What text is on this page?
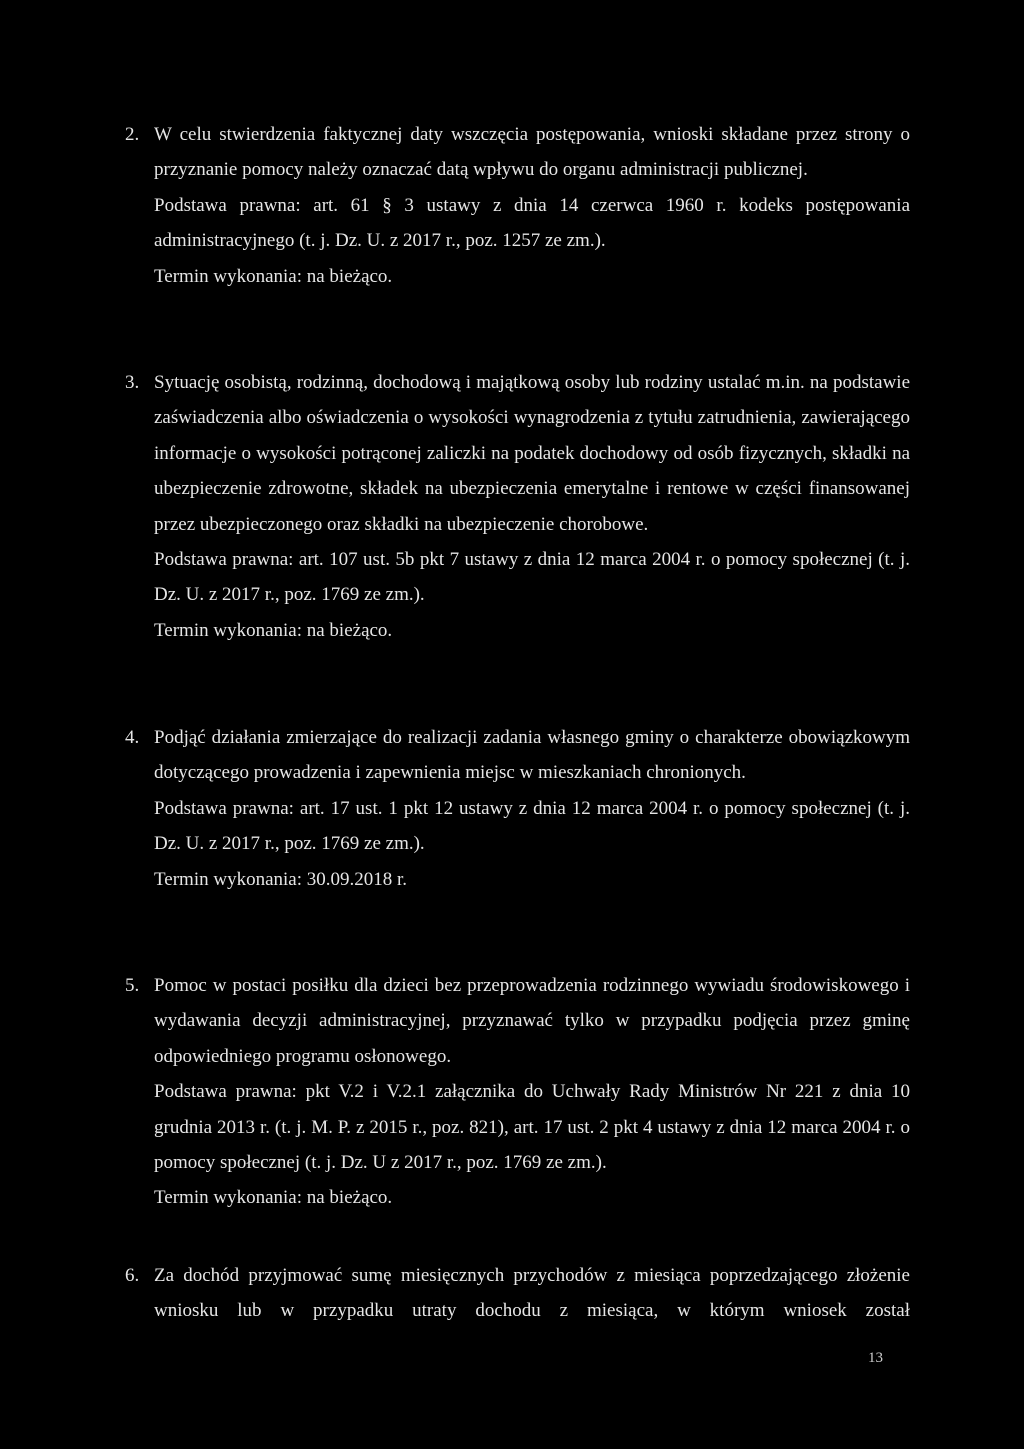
2. W celu stwierdzenia faktycznej daty wszczęcia postępowania, wnioski składane przez strony o przyznanie pomocy należy oznaczać datą wpływu do organu administracji publicznej.

Podstawa prawna: art. 61 § 3 ustawy z dnia 14 czerwca 1960 r. kodeks postępowania administracyjnego (t. j. Dz. U. z 2017 r., poz. 1257 ze zm.).

Termin wykonania: na bieżąco.

3. Sytuację osobistą, rodzinną, dochodową i majątkową osoby lub rodziny ustalać m.in. na podstawie zaświadczenia albo oświadczenia o wysokości wynagrodzenia z tytułu zatrudnienia, zawierającego informacje o wysokości potrąconej zaliczki na podatek dochodowy od osób fizycznych, składki na ubezpieczenie zdrowotne, składek na ubezpieczenia emerytalne i rentowe w części finansowanej przez ubezpieczonego oraz składki na ubezpieczenie chorobowe.

Podstawa prawna: art. 107 ust. 5b pkt 7 ustawy z dnia 12 marca 2004 r. o pomocy społecznej (t. j. Dz. U. z 2017 r., poz. 1769 ze zm.).

Termin wykonania: na bieżąco.

4. Podjąć działania zmierzające do realizacji zadania własnego gminy o charakterze obowiązkowym dotyczącego prowadzenia i zapewnienia miejsc w mieszkaniach chronionych.

Podstawa prawna: art. 17 ust. 1 pkt 12 ustawy z dnia 12 marca 2004 r. o pomocy społecznej (t. j. Dz. U. z 2017 r., poz. 1769 ze zm.).

Termin wykonania: 30.09.2018 r.

5. Pomoc w postaci posiłku dla dzieci bez przeprowadzenia rodzinnego wywiadu środowiskowego i wydawania decyzji administracyjnej, przyznawać tylko w przypadku podjęcia przez gminę odpowiedniego programu osłonowego.

Podstawa prawna: pkt V.2 i V.2.1 załącznika do Uchwały Rady Ministrów Nr 221 z dnia 10 grudnia 2013 r. (t. j. M. P. z 2015 r., poz. 821), art. 17 ust. 2 pkt 4 ustawy z dnia 12 marca 2004 r. o pomocy społecznej (t. j. Dz. U z 2017 r., poz. 1769 ze zm.).

Termin wykonania: na bieżąco.

6. Za dochód przyjmować sumę miesięcznych przychodów z miesiąca poprzedzającego złożenie wniosku lub w przypadku utraty dochodu z miesiąca, w którym wniosek został

13
